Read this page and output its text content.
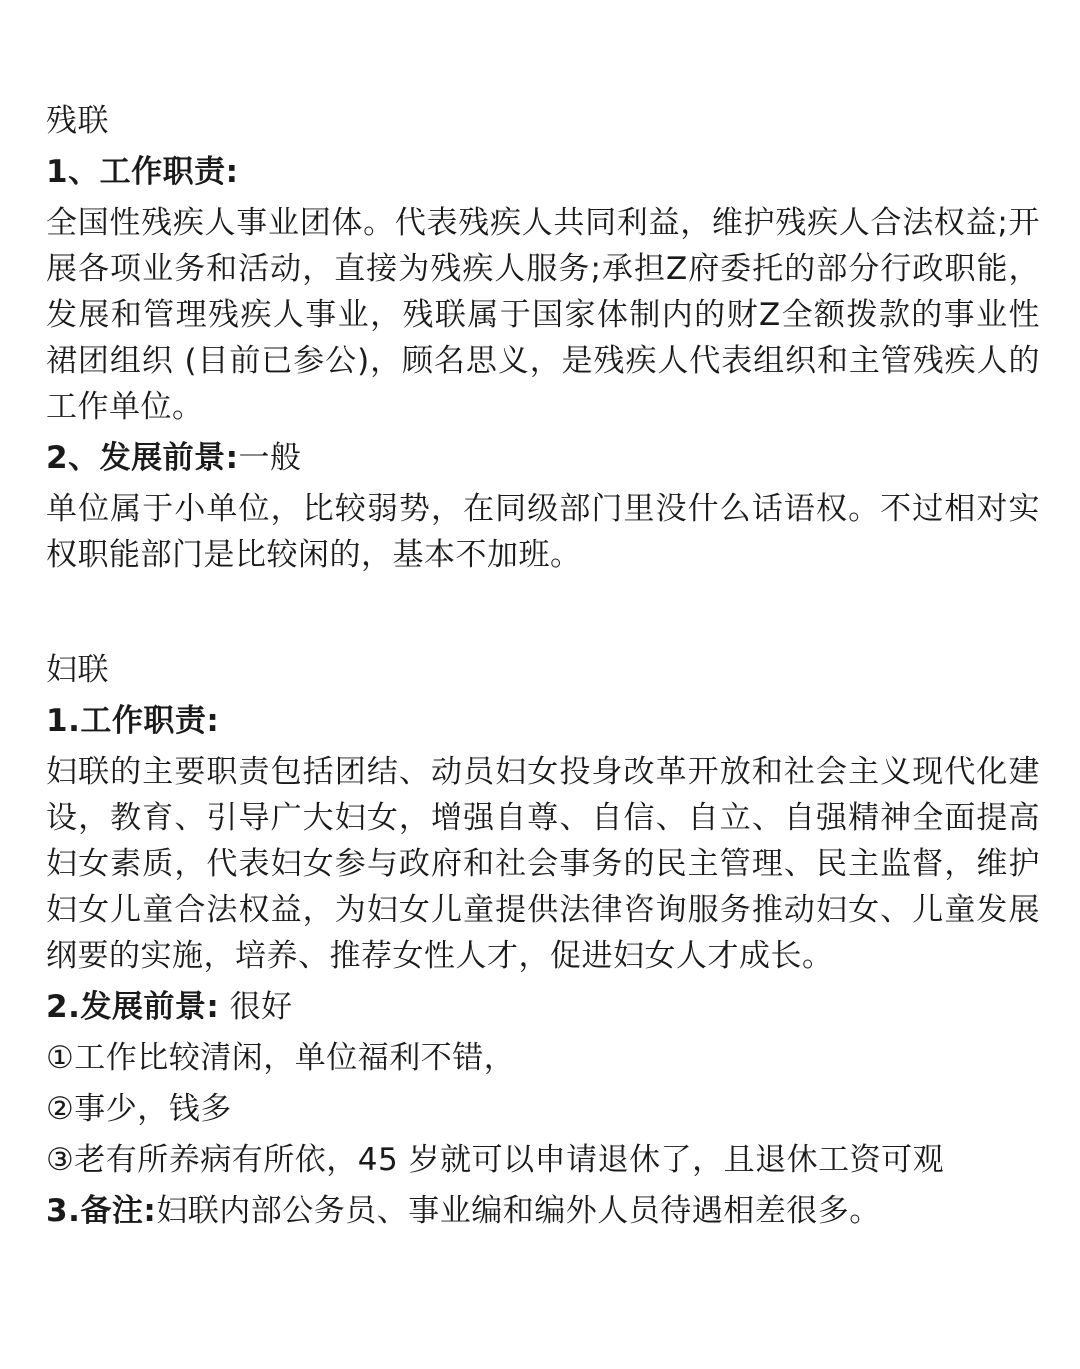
残联
1、工作职责:
全国性残疾人事业团体。代表残疾人共同利益，维护残疾人合法权益;开展各项业务和活动，直接为残疾人服务;承担Z府委托的部分行政职能，发展和管理残疾人事业，残联属于国家体制内的财Z全额拨款的事业性裙团组织 (目前已参公)，顾名思义，是残疾人代表组织和主管残疾人的工作单位。
2、发展前景:一般
单位属于小单位，比较弱势，在同级部门里没什么话语权。不过相对实权职能部门是比较闲的，基本不加班。
妇联
1.工作职责:
妇联的主要职责包括团结、动员妇女投身改革开放和社会主义现代化建设，教育、引导广大妇女，增强自尊、自信、自立、自强精神全面提高妇女素质，代表妇女参与政府和社会事务的民主管理、民主监督，维护妇女儿童合法权益，为妇女儿童提供法律咨询服务推动妇女、儿童发展纲要的实施，培养、推荐女性人才，促进妇女人才成长。
2.发展前景: 很好
①工作比较清闲，单位福利不错，
②事少，钱多
③老有所养病有所依，45 岁就可以申请退休了，且退休工资可观
3.备注:妇联内部公务员、事业编和编外人员待遇相差很多。
